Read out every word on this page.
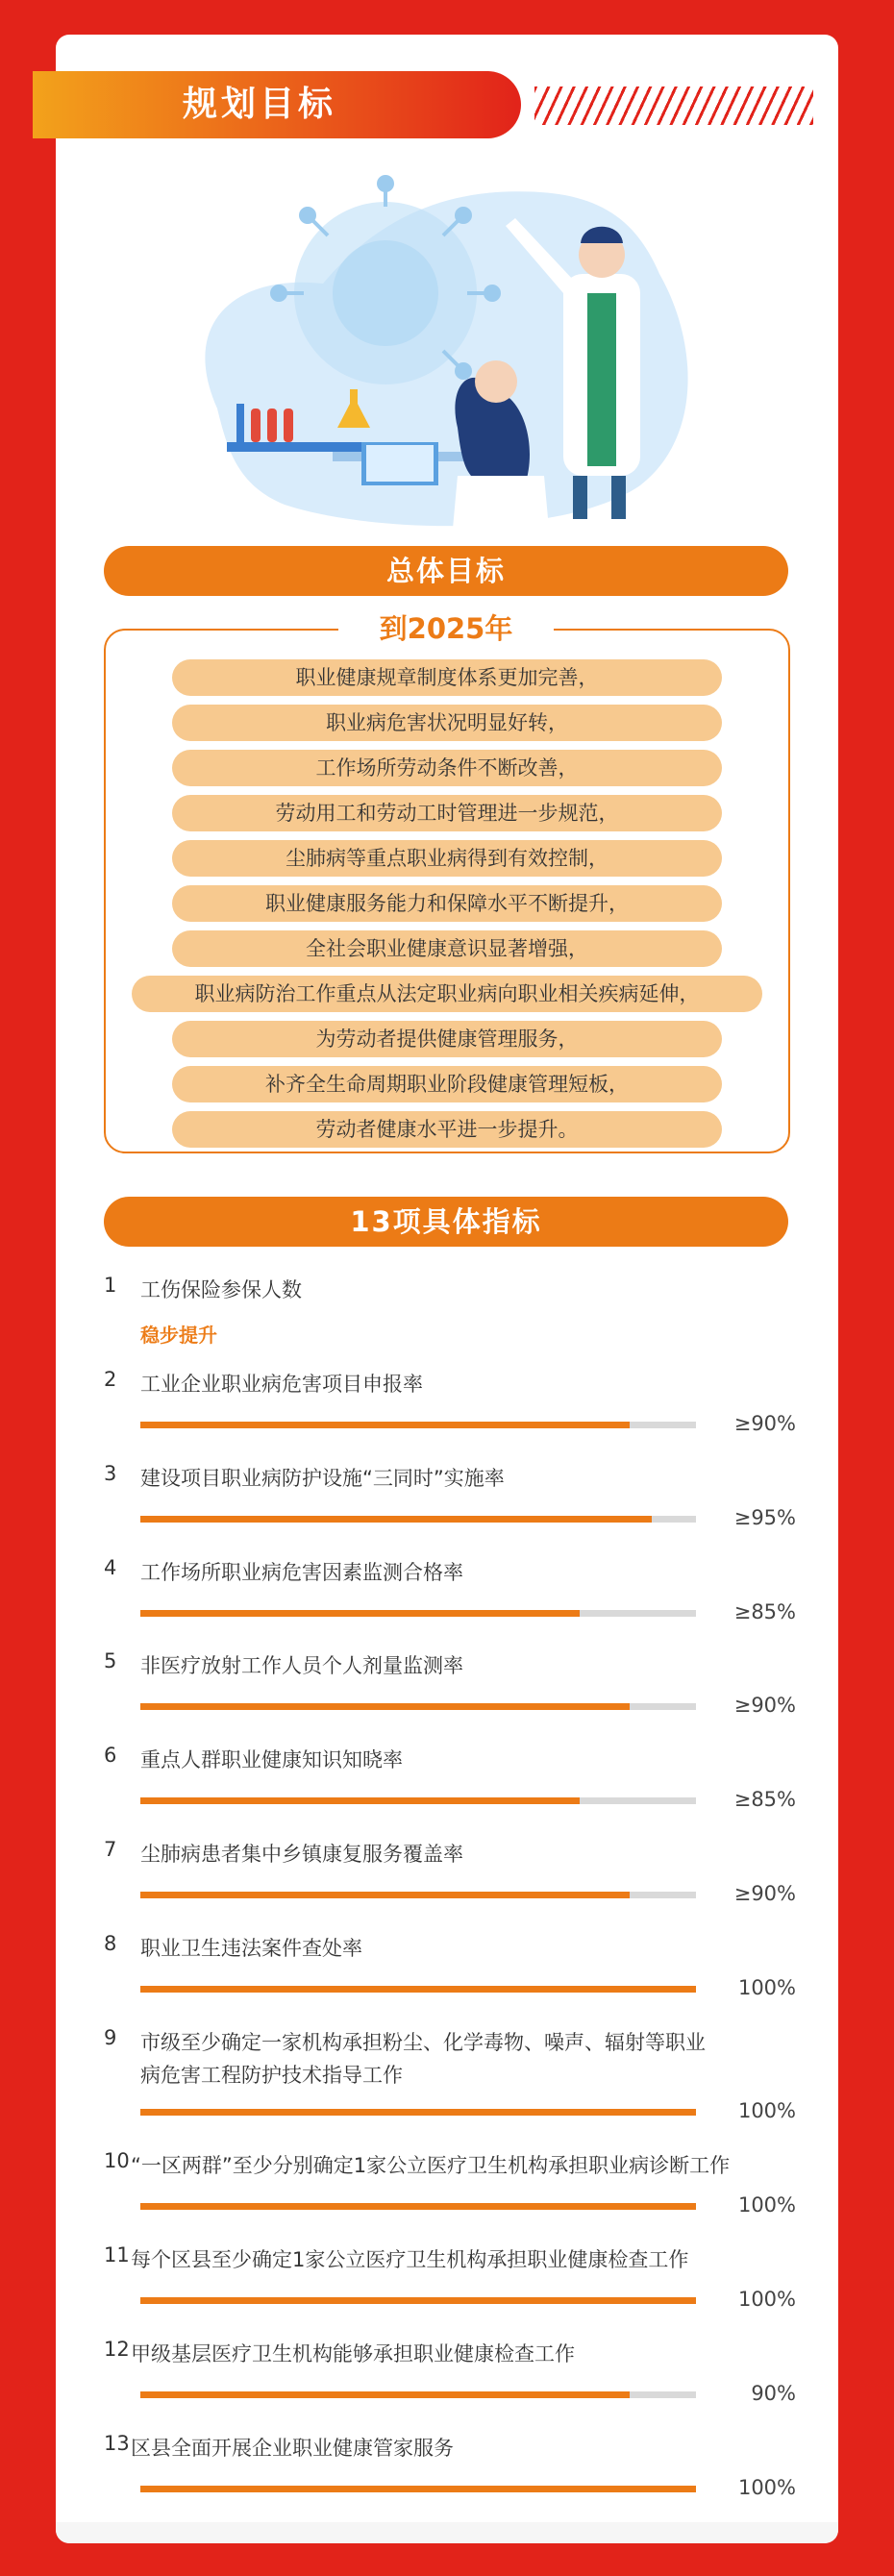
规划目标
总体目标
到2025年
职业健康规章制度体系更加完善，
职业病危害状况明显好转，
工作场所劳动条件不断改善，
劳动用工和劳动工时管理进一步规范，
尘肺病等重点职业病得到有效控制，
职业健康服务能力和保障水平不断提升，
全社会职业健康意识显著增强，
职业病防治工作重点从法定职业病向职业相关疾病延伸，
为劳动者提供健康管理服务，
补齐全生命周期职业阶段健康管理短板，
劳动者健康水平进一步提升。
13项具体指标
1	工伤保险参保人数
稳步提升
2	工业企业职业病危害项目申报率
≥90%
3	建设项目职业病防护设施“三同时”实施率
≥95%
4	工作场所职业病危害因素监测合格率
≥85%
5	非医疗放射工作人员个人剂量监测率
≥90%
6	重点人群职业健康知识知晓率
≥85%
7	尘肺病患者集中乡镇康复服务覆盖率
≥90%
8	职业卫生违法案件查处率
100%
9	市级至少确定一家机构承担粉尘、化学毒物、噪声、辐射等职业病危害工程防护技术指导工作
100%
10 “一区两群”至少分别确定1家公立医疗卫生机构承担职业病诊断工作
100%
11 每个区县至少确定1家公立医疗卫生机构承担职业健康检查工作
100%
12 甲级基层医疗卫生机构能够承担职业健康检查工作
90%
13 区县全面开展企业职业健康管家服务
100%
